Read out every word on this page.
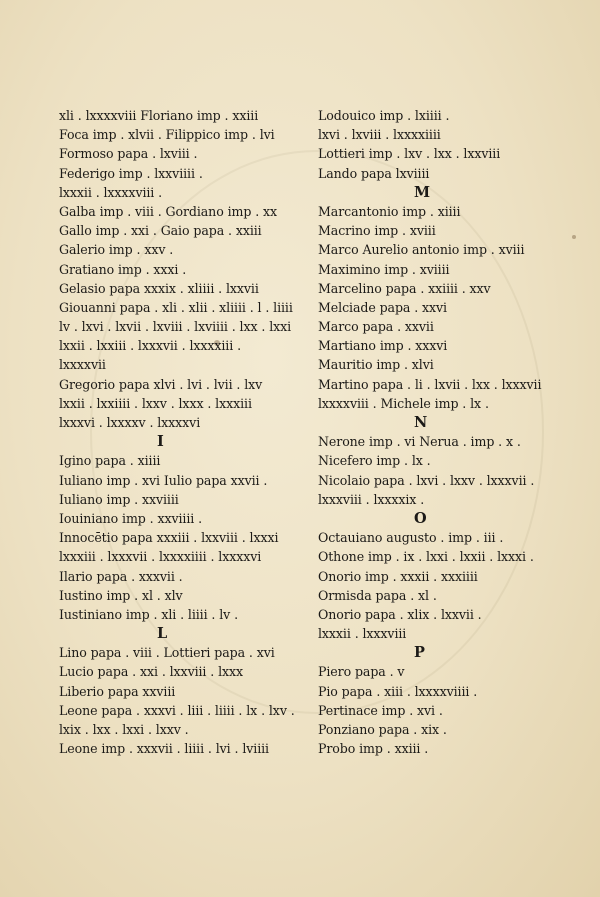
xli . lxxxxviii Floriano imp . xxiii
Foca imp . xlvii . Filippico imp . lvi
Formoso papa . lxviii .
Federigo imp . lxxviiii .
lxxxii . lxxxxviii .
Galba imp . viii . Gordiano imp . xx
Gallo imp . xxi . Gaio papa . xxiii
Galerio imp . xxv .
Gratiano imp . xxxi .
Gelasio papa xxxix . xliiii . lxxvii
Giouanni papa . xli . xlii . xliiii . l . liiii
lv . lxvi . lxvii . lxviii . lxviiii . lxx . lxxi
lxxii . lxxiii . lxxxvii . lxxxxiii .
lxxxxvii
Gregorio papa xlvi . lvi . lvii . lxv
lxxii . lxxiiii . lxxv . lxxx . lxxxiii
lxxxvi . lxxxxv . lxxxxvi
I
Igino papa . xiiii
Iuliano imp . xvi Iulio papa xxvii .
Iuliano imp . xxviiii
Iouiniano imp . xxviiii .
Innocētio papa xxxiii . lxxviii . lxxxi
lxxxiii . lxxxvii . lxxxxiiii . lxxxxvi
Ilario papa . xxxvii .
Iustino imp . xl . xlv
Iustiniano imp . xli . liiii . lv .
L
Lino papa . viii . Lottieri papa . xvi
Lucio papa . xxi . lxxviii . lxxx
Liberio papa xxviii
Leone papa . xxxvi . liii . liiii . lx . lxv .
lxix . lxx . lxxi . lxxv .
Leone imp . xxxvii . liiii . lvi . lviiii
Lodouico imp . lxiiii .
lxvi . lxviii . lxxxxiiii
Lottieri imp . lxv . lxx . lxxviii
Lando papa lxviiii
M
Marcantonio imp . xiiii
Macrino imp . xviii
Marco Aurelio antonio imp . xviii
Maximino imp . xviiii
Marcelino papa . xxiiii . xxv
Melciade papa . xxvi
Marco papa . xxvii
Martiano imp . xxxvi
Mauritio imp . xlvi
Martino papa . li . lxvii . lxx . lxxxvii
lxxxxviii . Michele imp . lx .
N
Nerone imp . vi Nerua . imp . x .
Nicefero imp . lx .
Nicolaio papa . lxvi . lxxv . lxxxvii .
lxxxviii . lxxxxix .
O
Octauiano augusto . imp . iii .
Othone imp . ix . lxxi . lxxii . lxxxi .
Onorio imp . xxxii . xxxiiii
Ormisda papa . xl .
Onorio papa . xlix . lxxvii .
lxxxii . lxxxviii
P
Piero papa . v
Pio papa . xiii . lxxxxviiii .
Pertinace imp . xvi .
Ponziano papa . xix .
Probo imp . xxiii .
